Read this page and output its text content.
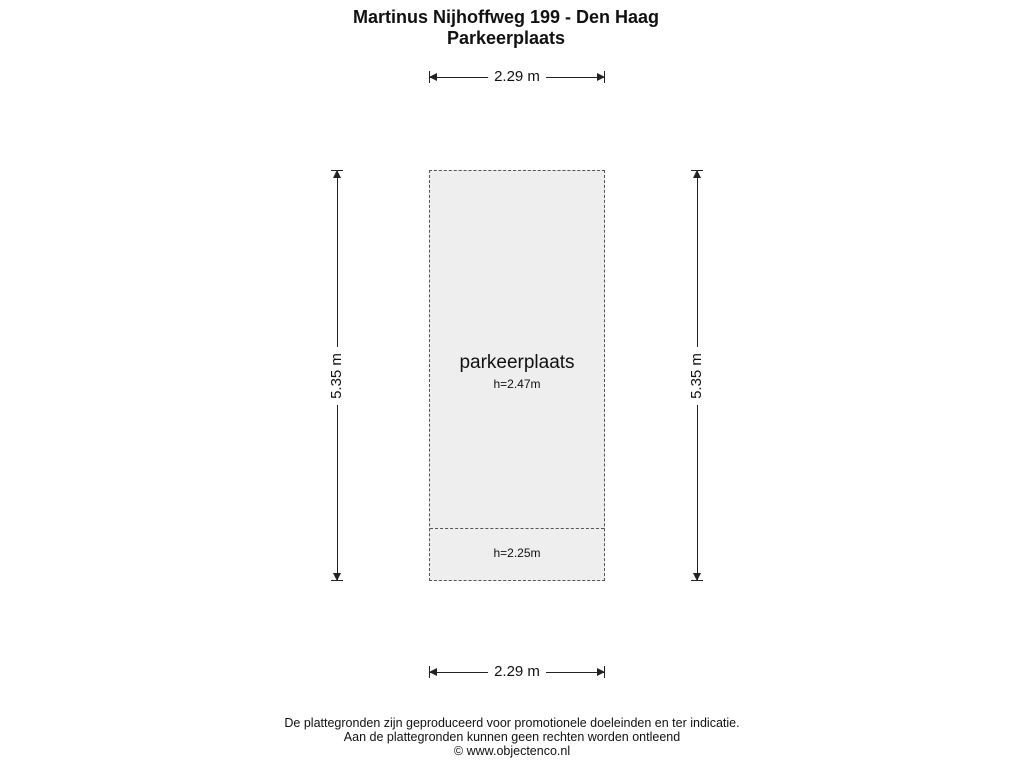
Martinus Nijhoffweg 199 - Den Haag
Parkeerplaats
2.29 m
2.29 m
5.35 m	5.35 m
parkeerplaats
h=2.47m
h=2.25m
De plattegronden zijn geproduceerd voor promotionele doeleinden en ter indicatie.
Aan de plattegronden kunnen geen rechten worden ontleend
© www.objectenco.nl
